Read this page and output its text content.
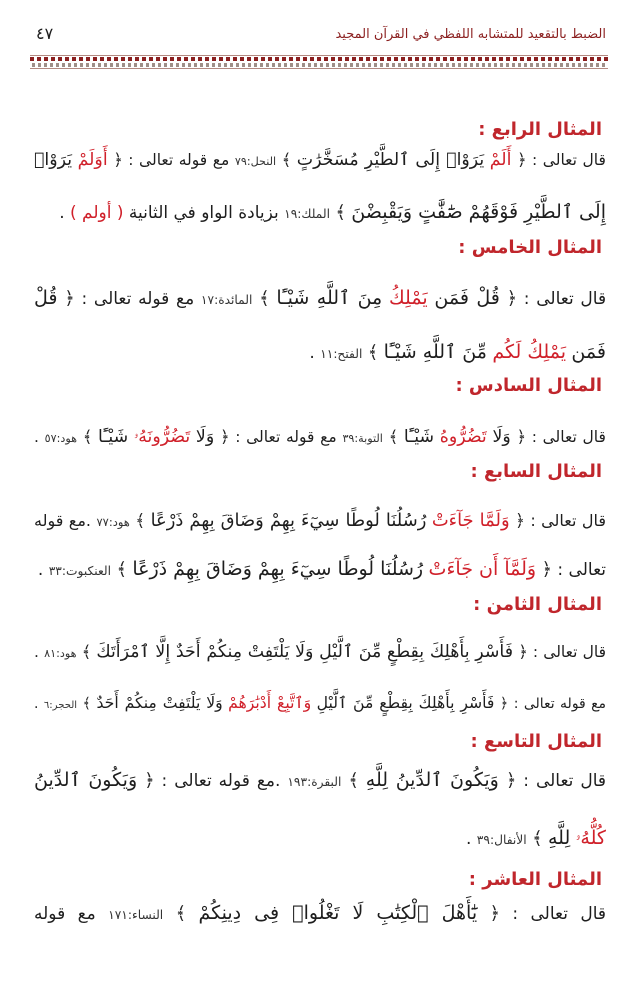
الضبط بالتقعيد للمتشابه اللفظي في القرآن المجيد
٤٧
المثال الرابع :
قال تعالى : ﴿ أَلَمْ يَرَوْا۟ إِلَى ٱلطَّيْرِ مُسَخَّرَٰتٍ ﴾ النحل:٧٩ مع قوله تعالى : ﴿ أَوَلَمْ يَرَوْا۟
إِلَى ٱلطَّيْرِ فَوْقَهُمْ صَٰٓفَّٰتٍ وَيَقْبِضْنَ ﴾ الملك:١٩ بزيادة الواو في الثانية ( أولم ) .
المثال الخامس :
قال تعالى : ﴿ قُلْ فَمَن يَمْلِكُ مِنَ ٱللَّهِ شَيْـًٔا ﴾ المائدة:١٧ مع قوله تعالى : ﴿ قُلْ
فَمَن يَمْلِكُ لَكُم مِّنَ ٱللَّهِ شَيْـًٔا ﴾ الفتح:١١ .
المثال السادس :
قال تعالى : ﴿ وَلَا تَضُرُّوهُ شَيْـًٔا ﴾ التوبة:٣٩ مع قوله تعالى : ﴿ وَلَا تَضُرُّونَهُۥ شَيْـًٔا ﴾ هود:٥٧ .
المثال السابع :
قال تعالى : ﴿ وَلَمَّا جَآءَتْ رُسُلُنَا لُوطًا سِيٓءَ بِهِمْ وَضَاقَ بِهِمْ ذَرْعًا ﴾ هود:٧٧ .مع قوله
تعالى : ﴿ وَلَمَّآ أَن جَآءَتْ رُسُلُنَا لُوطًا سِيٓءَ بِهِمْ وَضَاقَ بِهِمْ ذَرْعًا ﴾ العنكبوت:٣٣ .
المثال الثامن :
قال تعالى : ﴿ فَأَسْرِ بِأَهْلِكَ بِقِطْعٍ مِّنَ ٱلَّيْلِ وَلَا يَلْتَفِتْ مِنكُمْ أَحَدٌ إِلَّا ٱمْرَأَتَكَ ﴾ هود:٨١ .
مع قوله تعالى : ﴿ فَأَسْرِ بِأَهْلِكَ بِقِطْعٍ مِّنَ ٱلَّيْلِ وَٱتَّبِعْ أَدْبَٰرَهُمْ وَلَا يَلْتَفِتْ مِنكُمْ أَحَدٌ ﴾ الحجر:٦ .
المثال التاسع :
قال تعالى : ﴿ وَيَكُونَ ٱلدِّينُ لِلَّهِ ﴾ البقرة:١٩٣ .مع قوله تعالى : ﴿ وَيَكُونَ ٱلدِّينُ
كُلُّهُۥ لِلَّهِ ﴾ الأنفال:٣٩ .
المثال العاشر :
قال تعالى : ﴿ يَٰٓأَهْلَ ٱلْكِتَٰبِ لَا تَغْلُوا۟ فِى دِينِكُمْ ﴾ النساء:١٧١ مع قوله
